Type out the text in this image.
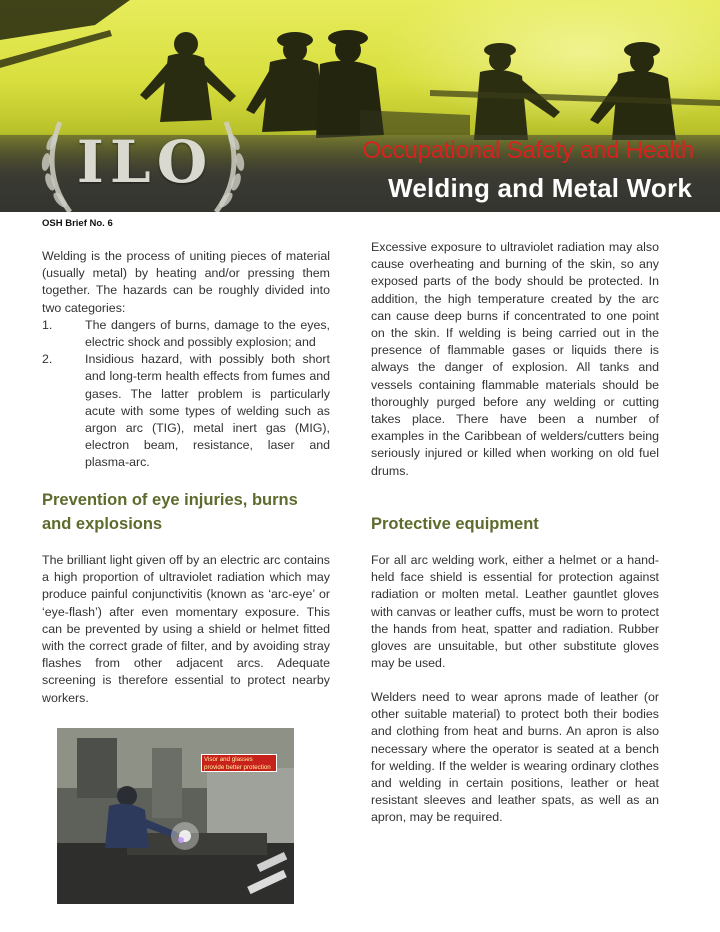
ILO	Occupational Safety and Health
Welding and Metal Work
OSH Brief No. 6

Welding is the process of uniting pieces of material (usually metal) by heating and/or pressing them together. The hazards can be roughly divided into two categories:

1.	The dangers of burns, damage to the eyes, electric shock and possibly explosion; and
2.	Insidious hazard, with possibly both short and long-term health effects from fumes and gases. The latter problem is particularly acute with some types of welding such as argon arc (TIG), metal inert gas (MIG), electron beam, resistance, laser and plasma-arc.
Prevention of eye injuries, burns
and explosions
The brilliant light given off by an electric arc contains a high proportion of ultraviolet radiation which may produce painful conjunctivitis (known as ‘arc-eye’ or ‘eye-flash’) after even momentary exposure. This can be prevented by using a shield or helmet fitted with the correct grade of filter, and by avoiding stray flashes from other adjacent arcs. Adequate screening is therefore essential to protect nearby workers.
Visor and glasses provide better protection
Excessive exposure to ultraviolet radiation may also cause overheating and burning of the skin, so any exposed parts of the body should be protected. In addition, the high temperature created by the arc can cause deep burns if concentrated to one point on the skin. If welding is being carried out in the presence of flammable gases or liquids there is always the danger of explosion. All tanks and vessels containing flammable materials should be thoroughly purged before any welding or cutting takes place. There have been a number of examples in the Caribbean of welders/cutters being seriously injured or killed when working on old fuel drums.
Protective equipment
For all arc welding work, either a helmet or a hand-held face shield is essential for protection against radiation or molten metal. Leather gauntlet gloves with canvas or leather cuffs, must be worn to protect the hands from heat, spatter and radiation. Rubber gloves are unsuitable, but other substitute gloves may be used.
Welders need to wear aprons made of leather (or other suitable material) to protect both their bodies and clothing from heat and burns. An apron is also necessary where the operator is seated at a bench for welding. If the welder is wearing ordinary clothes and welding in certain positions, leather or heat resistant sleeves and leather spats, as well as an apron, may be required.
